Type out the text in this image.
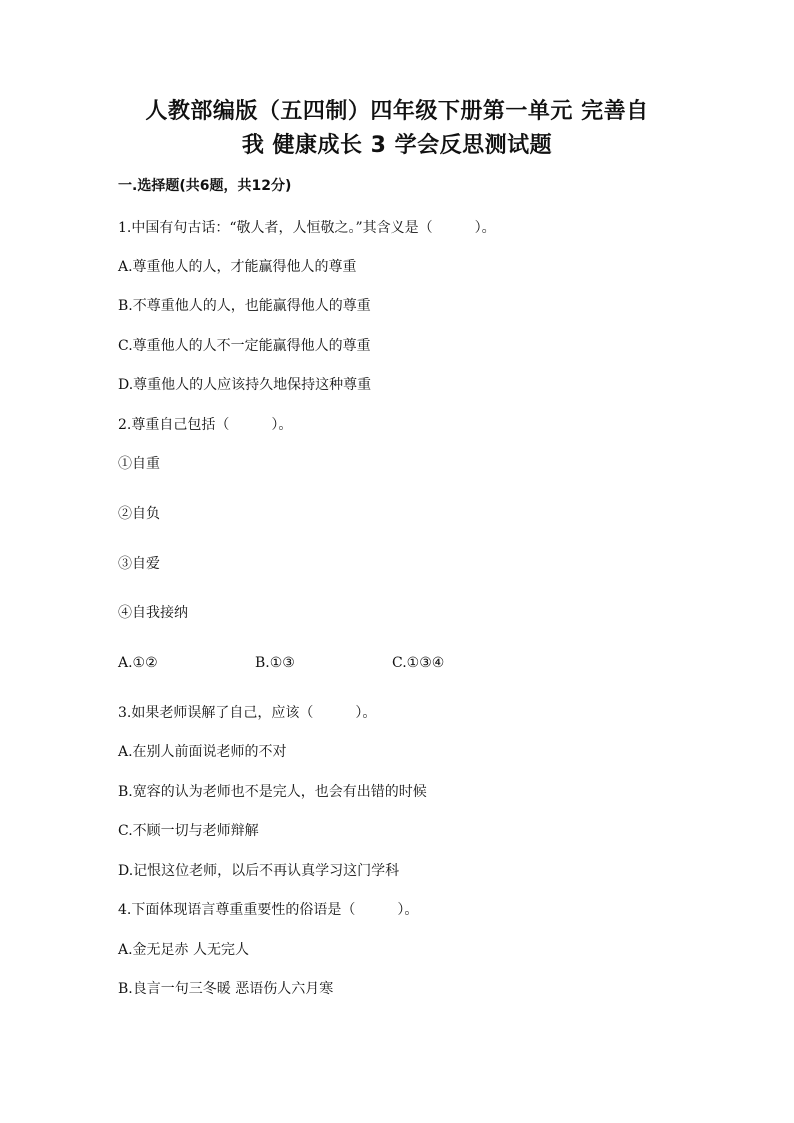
人教部编版（五四制）四年级下册第一单元 完善自
我 健康成长 3 学会反思测试题
一.选择题(共6题，共12分)
1.中国有句古话：“敬人者，人恒敬之。”其含义是（　　　）。
A.尊重他人的人，才能赢得他人的尊重
B.不尊重他人的人，也能赢得他人的尊重
C.尊重他人的人不一定能赢得他人的尊重
D.尊重他人的人应该持久地保持这种尊重
2.尊重自己包括（　　　）。
①自重
②自负
③自爱
④自我接纳
A.①②	B.①③	C.①③④
3.如果老师误解了自己，应该（　　　）。
A.在别人前面说老师的不对
B.宽容的认为老师也不是完人，也会有出错的时候
C.不顾一切与老师辩解
D.记恨这位老师，以后不再认真学习这门学科
4.下面体现语言尊重重要性的俗语是（　　　）。
A.金无足赤 人无完人
B.良言一句三冬暖 恶语伤人六月寒
